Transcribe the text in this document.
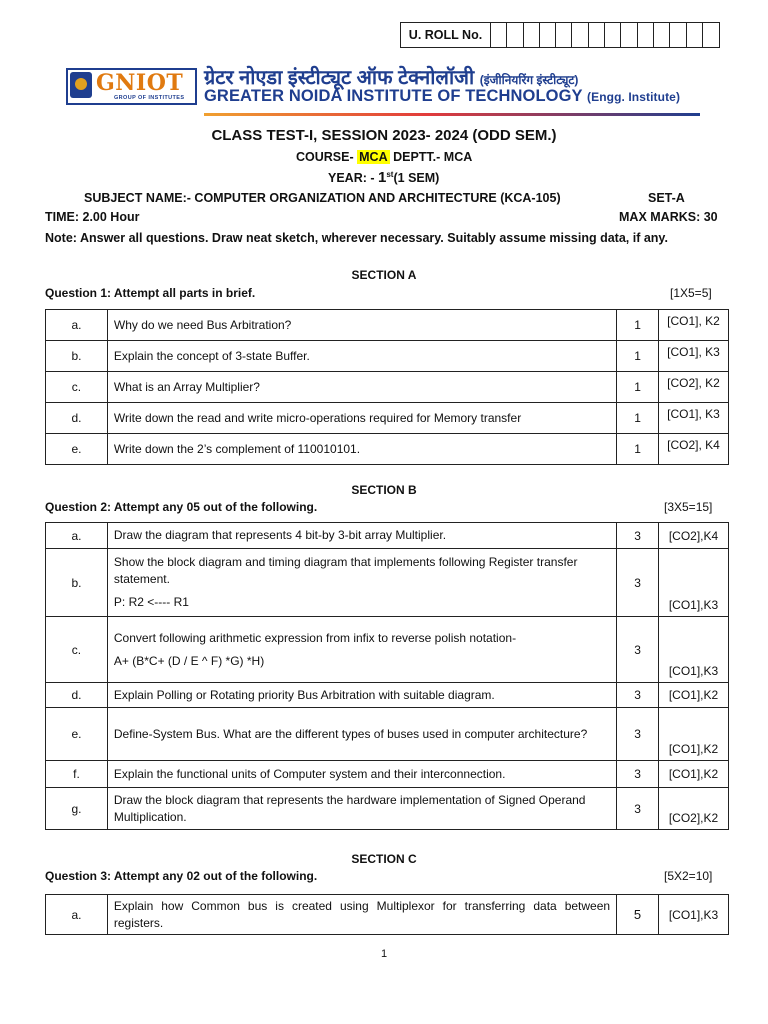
U. ROLL No.
GNIOT
GROUP OF INSTITUTES
ग्रेटर नोएडा इंस्टीट्यूट ऑफ टेक्नोलॉजी (इंजीनियरिंग इंस्टीट्यूट)
GREATER NOIDA INSTITUTE OF TECHNOLOGY (Engg. Institute)
CLASS TEST-I, SESSION 2023- 2024 (ODD SEM.)
COURSE- MCA DEPTT.- MCA
YEAR: - 1st(1 SEM)
SUBJECT NAME:- COMPUTER ORGANIZATION AND ARCHITECTURE (KCA-105)	SET-A
TIME: 2.00 Hour	MAX MARKS: 30
Note: Answer all questions. Draw neat sketch, wherever necessary. Suitably assume missing data, if any.
SECTION A
Question 1: Attempt all parts in brief.	[1X5=5]
a.	Why do we need Bus Arbitration?	1	[CO1], K2
b.	Explain the concept of 3-state Buffer.	1	[CO1], K3
c.	What is an Array Multiplier?	1	[CO2], K2
d.	Write down the read and write micro-operations required for Memory transfer	1	[CO1], K3
e.	Write down the 2’s complement of 110010101.	1	[CO2], K4
SECTION B
Question 2: Attempt any 05 out of the following.	[3X5=15]
a.	Draw the diagram that represents 4 bit-by 3-bit array Multiplier.	3	[CO2],K4
b.	Show the block diagram and timing diagram that implements following Register transfer statement.
P: R2 <---- R1	3	[CO1],K3
c.	Convert following arithmetic expression from infix to reverse polish notation-
A+ (B*C+ (D / E ^ F) *G) *H)	3	[CO1],K3
d.	Explain Polling or Rotating priority Bus Arbitration with suitable diagram.	3	[CO1],K2
e.	Define-System Bus. What are the different types of buses used in computer architecture?	3	[CO1],K2
f.	Explain the functional units of Computer system and their interconnection.	3	[CO1],K2
g.	Draw the block diagram that represents the hardware implementation of Signed Operand Multiplication.	3	[CO2],K2
SECTION C
Question 3: Attempt any 02 out of the following.	[5X2=10]
a.	Explain how Common bus is created using Multiplexor for transferring data between registers.	5	[CO1],K3
1
